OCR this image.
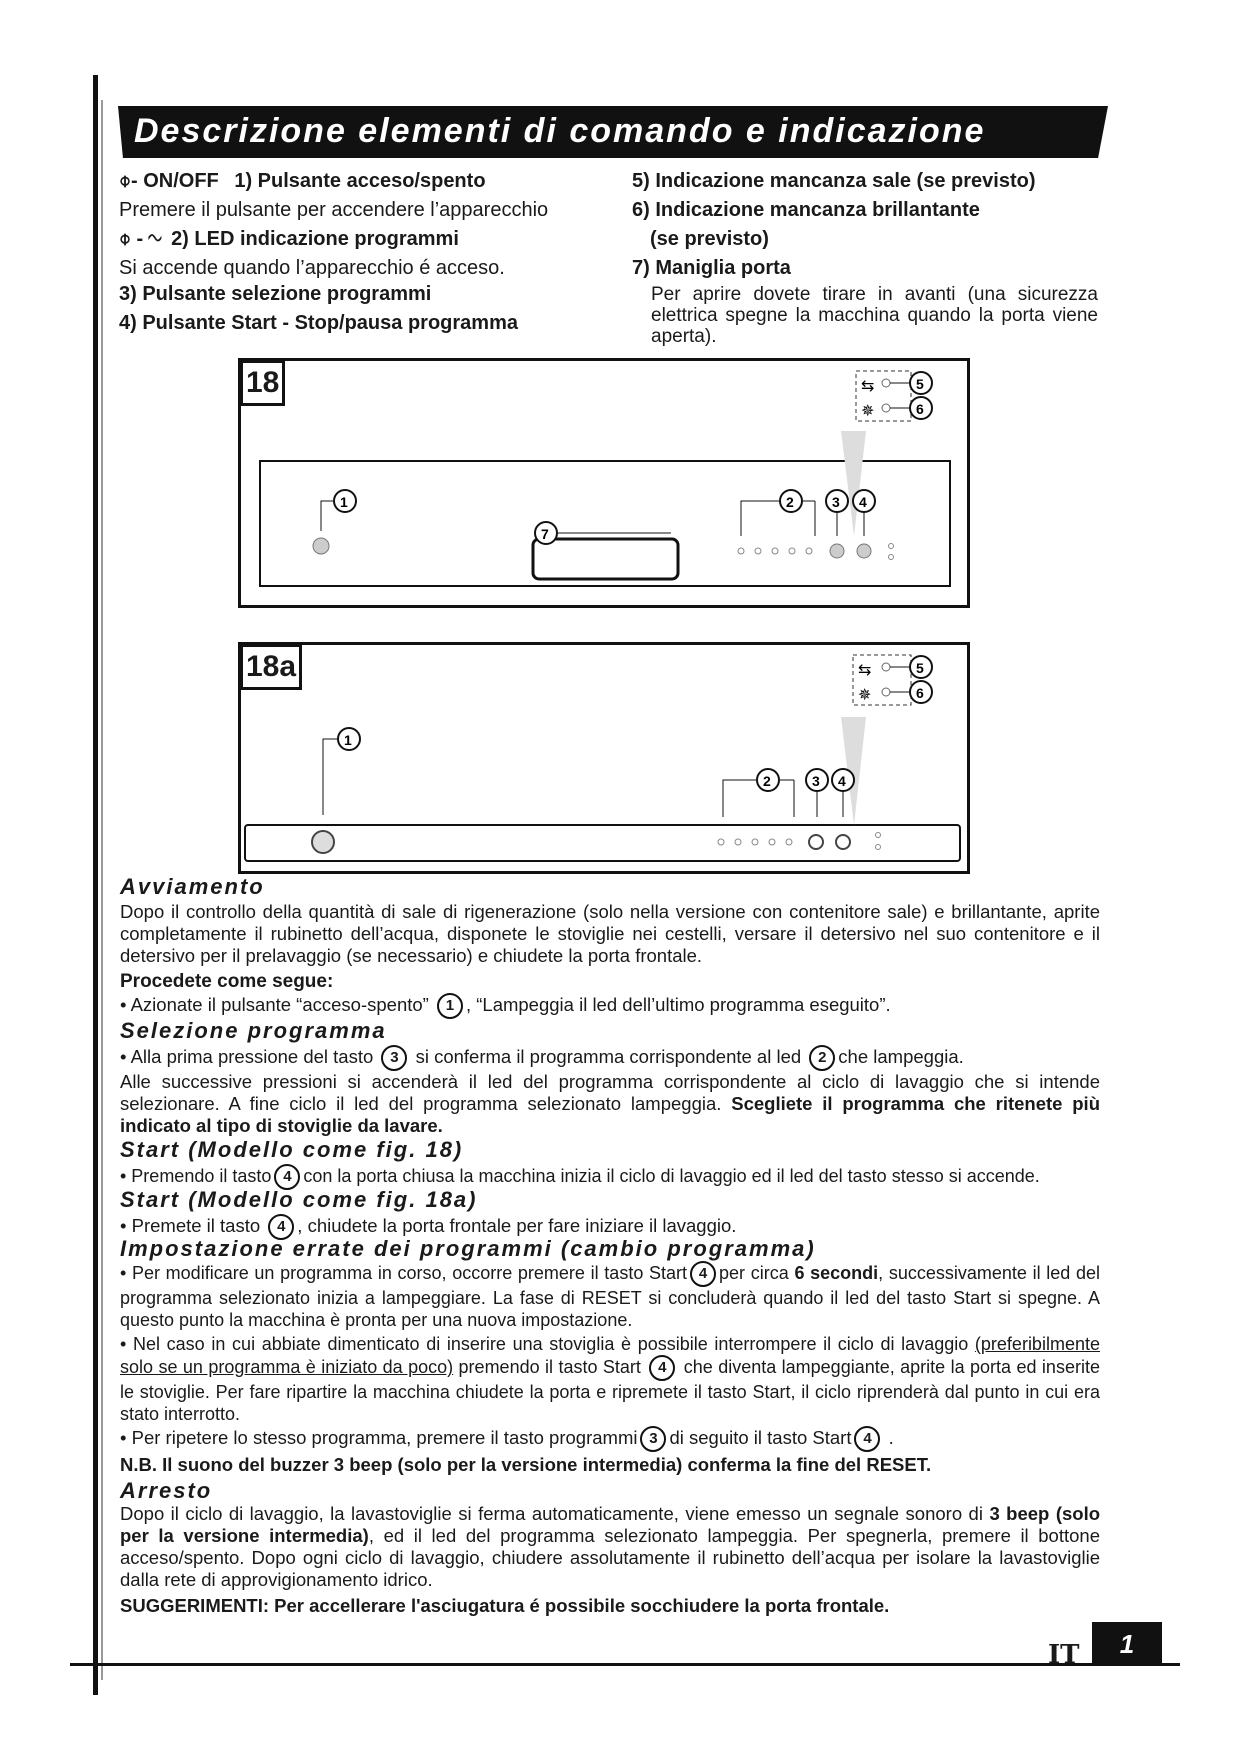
Descrizione elementi di comando e indicazione
⌽- ON/OFF 1) Pulsante acceso/spento
Premere il pulsante per accendere l’apparecchio
⌽ - ∿ 2) LED indicazione programmi
Si accende quando l’apparecchio é acceso.
3) Pulsante selezione programmi
4) Pulsante Start - Stop/pausa programma
5) Indicazione mancanza sale (se previsto)
6) Indicazione mancanza brillantante
(se previsto)
7) Maniglia porta
Per aprire dovete tirare in avanti (una sicurezza elettrica spegne la macchina quando la porta viene aperta).
⇆
✵
5
6
1
7
2	3 4
18
⇆
✵
5
6
1
2	3 4
18a
Avviamento
Dopo il controllo della quantità di sale di rigenerazione (solo nella versione con contenitore sale) e brillantante, aprite completamente il rubinetto dell’acqua, disponete le stoviglie nei cestelli, versare il detersivo nel suo contenitore e il detersivo per il prelavaggio (se necessario) e chiudete la porta frontale.
Procedete come segue:
• Azionate il pulsante “acceso-spento” 1 , “Lampeggia il led dell’ultimo programma eseguito”.
Selezione programma
• Alla prima pressione del tasto 3 si conferma il programma corrispondente al led 2 che lampeggia.
Alle successive pressioni si accenderà il led del programma corrispondente al ciclo di lavaggio che si intende selezionare. A fine ciclo il led del programma selezionato lampeggia. Scegliete il programma che ritenete più indicato al tipo di stoviglie da lavare.
Start (Modello come fig. 18)
• Premendo il tasto 4 con la porta chiusa la macchina inizia il ciclo di lavaggio ed il led del tasto stesso si accende.
Start (Modello come fig. 18a)
• Premete il tasto 4 , chiudete la porta frontale per fare iniziare il lavaggio.
Impostazione errate dei programmi (cambio programma)
• Per modificare un programma in corso, occorre premere il tasto Start 4 per circa 6 secondi, successivamente il led del programma selezionato inizia a lampeggiare. La fase di RESET si concluderà quando il led del tasto Start si spegne. A questo punto la macchina è pronta per una nuova impostazione.
• Nel caso in cui abbiate dimenticato di inserire una stoviglia è possibile interrompere il ciclo di lavaggio (preferibilmente solo se un programma è iniziato da poco) premendo il tasto Start 4 che diventa lampeggiante, aprite la porta ed inserite le stoviglie. Per fare ripartire la macchina chiudete la porta e ripremete il tasto Start, il ciclo riprenderà dal punto in cui era stato interrotto.
• Per ripetere lo stesso programma, premere il tasto programmi 3 di seguito il tasto Start 4 .
N.B. Il suono del buzzer 3 beep (solo per la versione intermedia) conferma la fine del RESET.
Arresto
Dopo il ciclo di lavaggio, la lavastoviglie si ferma automaticamente, viene emesso un segnale sonoro di 3 beep (solo per la versione intermedia), ed il led del programma selezionato lampeggia. Per spegnerla, premere il bottone acceso/spento. Dopo ogni ciclo di lavaggio, chiudere assolutamente il rubinetto dell’acqua per isolare la lavastoviglie dalla rete di approvigionamento idrico.
SUGGERIMENTI: Per accellerare l'asciugatura é possibile socchiudere la porta frontale.
IT	1
